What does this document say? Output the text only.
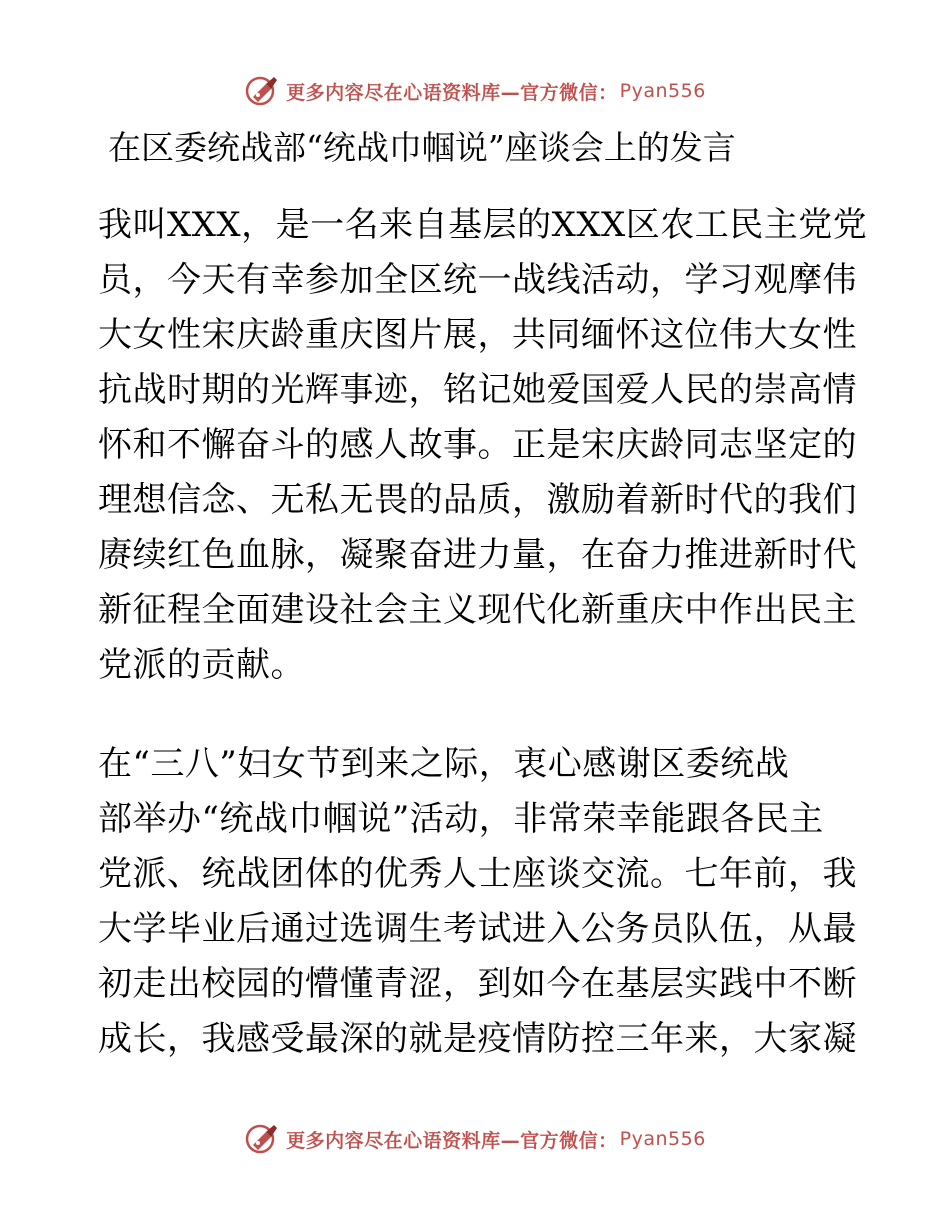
更多内容尽在心语资料库—官方微信： Pyan556
在区委统战部“统战巾帼说”座谈会上的发言
我叫XXX，是一名来自基层的XXX区农工民主党党
员，今天有幸参加全区统一战线活动，学习观摩伟
大女性宋庆龄重庆图片展，共同缅怀这位伟大女性
抗战时期的光辉事迹，铭记她爱国爱人民的崇高情
怀和不懈奋斗的感人故事。正是宋庆龄同志坚定的
理想信念、无私无畏的品质，激励着新时代的我们
赓续红色血脉，凝聚奋进力量，在奋力推进新时代
新征程全面建设社会主义现代化新重庆中作出民主
党派的贡献。
在“三八”妇女节到来之际，衷心感谢区委统战
部举办“统战巾帼说”活动，非常荣幸能跟各民主
党派、统战团体的优秀人士座谈交流。七年前，我
大学毕业后通过选调生考试进入公务员队伍，从最
初走出校园的懵懂青涩，到如今在基层实践中不断
成长，我感受最深的就是疫情防控三年来，大家凝
更多内容尽在心语资料库—官方微信： Pyan556
